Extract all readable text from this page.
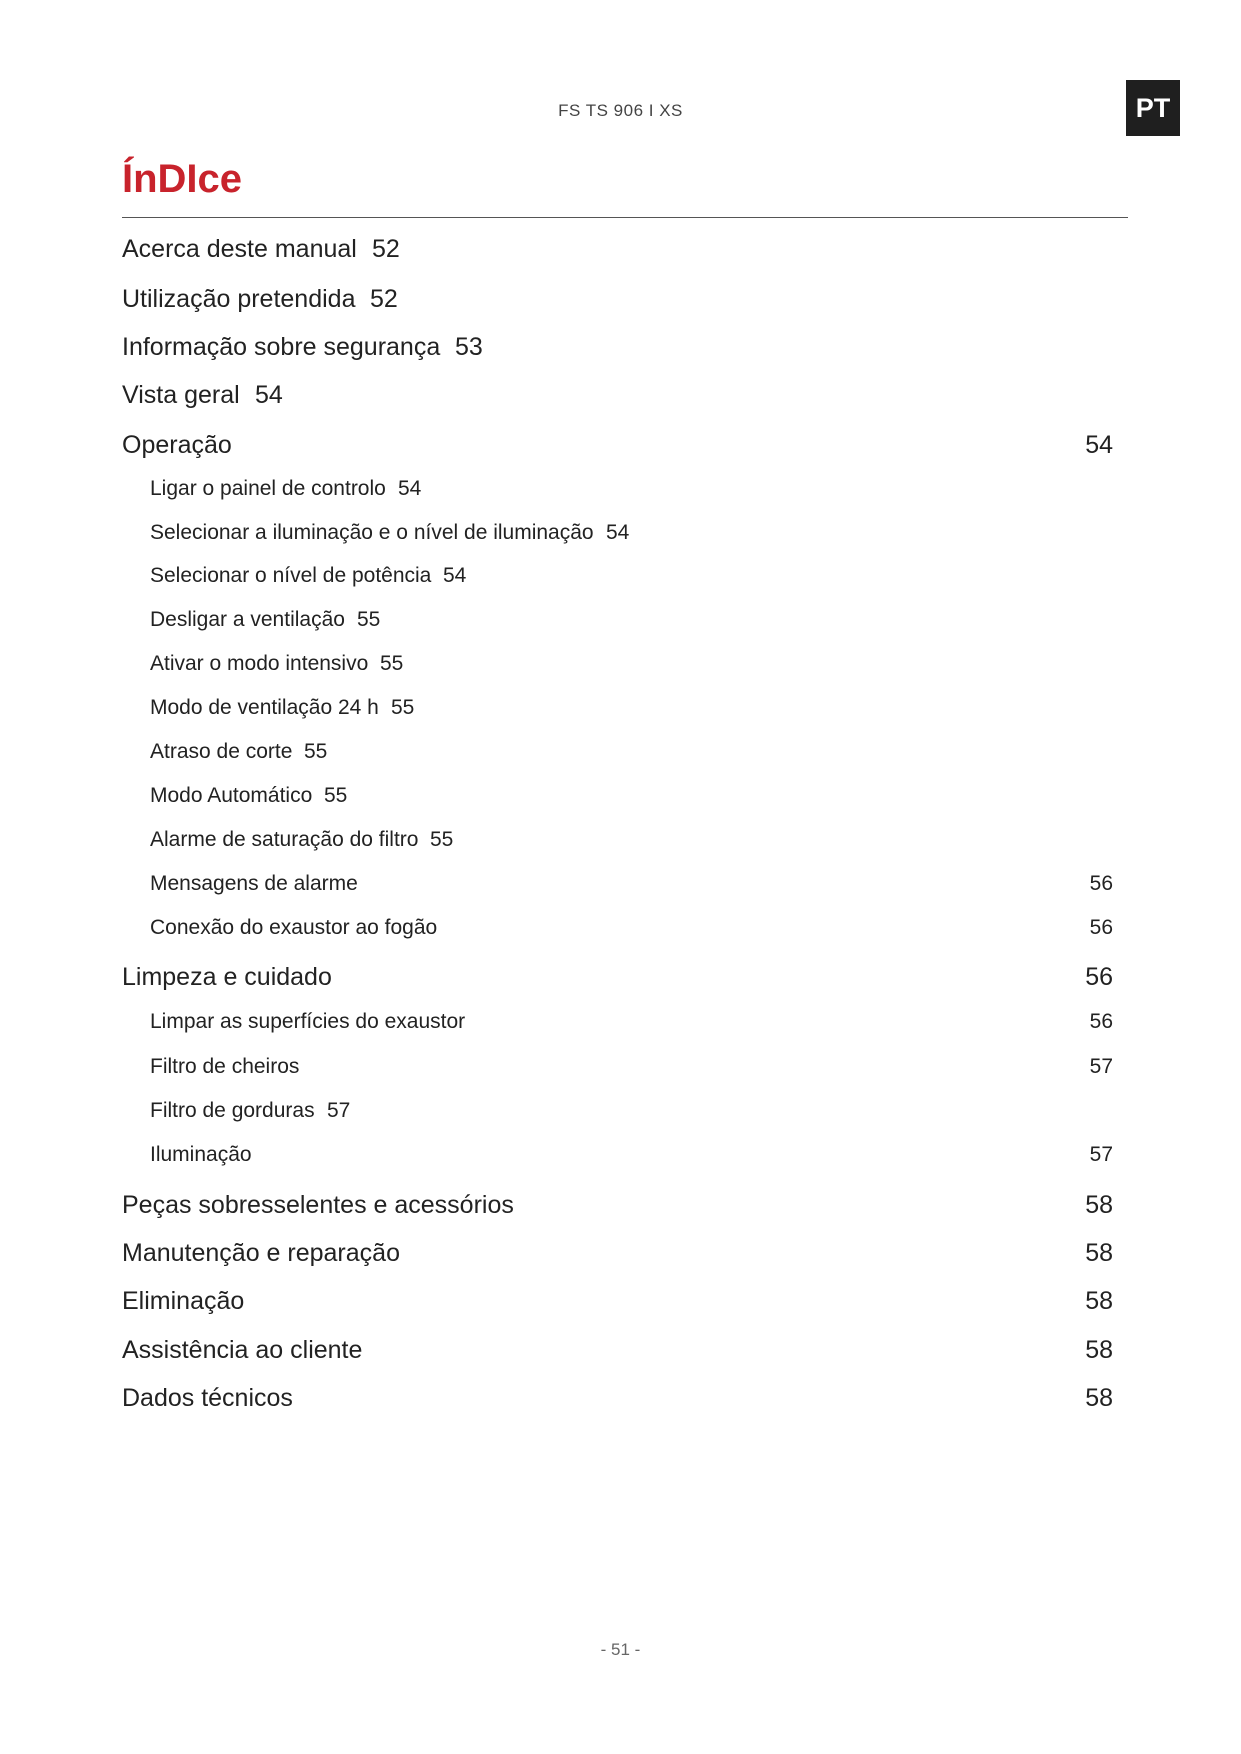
FS TS 906 I XS	PT
ÍnDIce
Acerca deste manual 52
Utilização pretendida 52
Informação sobre segurança 53
Vista geral 54
Operação	54
Ligar o painel de controlo 54
Selecionar a iluminação e o nível de iluminação 54
Selecionar o nível de potência 54
Desligar a ventilação 55
Ativar o modo intensivo 55
Modo de ventilação 24 h 55
Atraso de corte 55
Modo Automático 55
Alarme de saturação do filtro 55
Mensagens de alarme	56
Conexão do exaustor ao fogão	56
Limpeza e cuidado	56
Limpar as superfícies do exaustor	56
Filtro de cheiros	57
Filtro de gorduras 57
Iluminação	57
Peças sobresselentes e acessórios	58
Manutenção e reparação	58
Eliminação	58
Assistência ao cliente	58
Dados técnicos	58
- 51 -
